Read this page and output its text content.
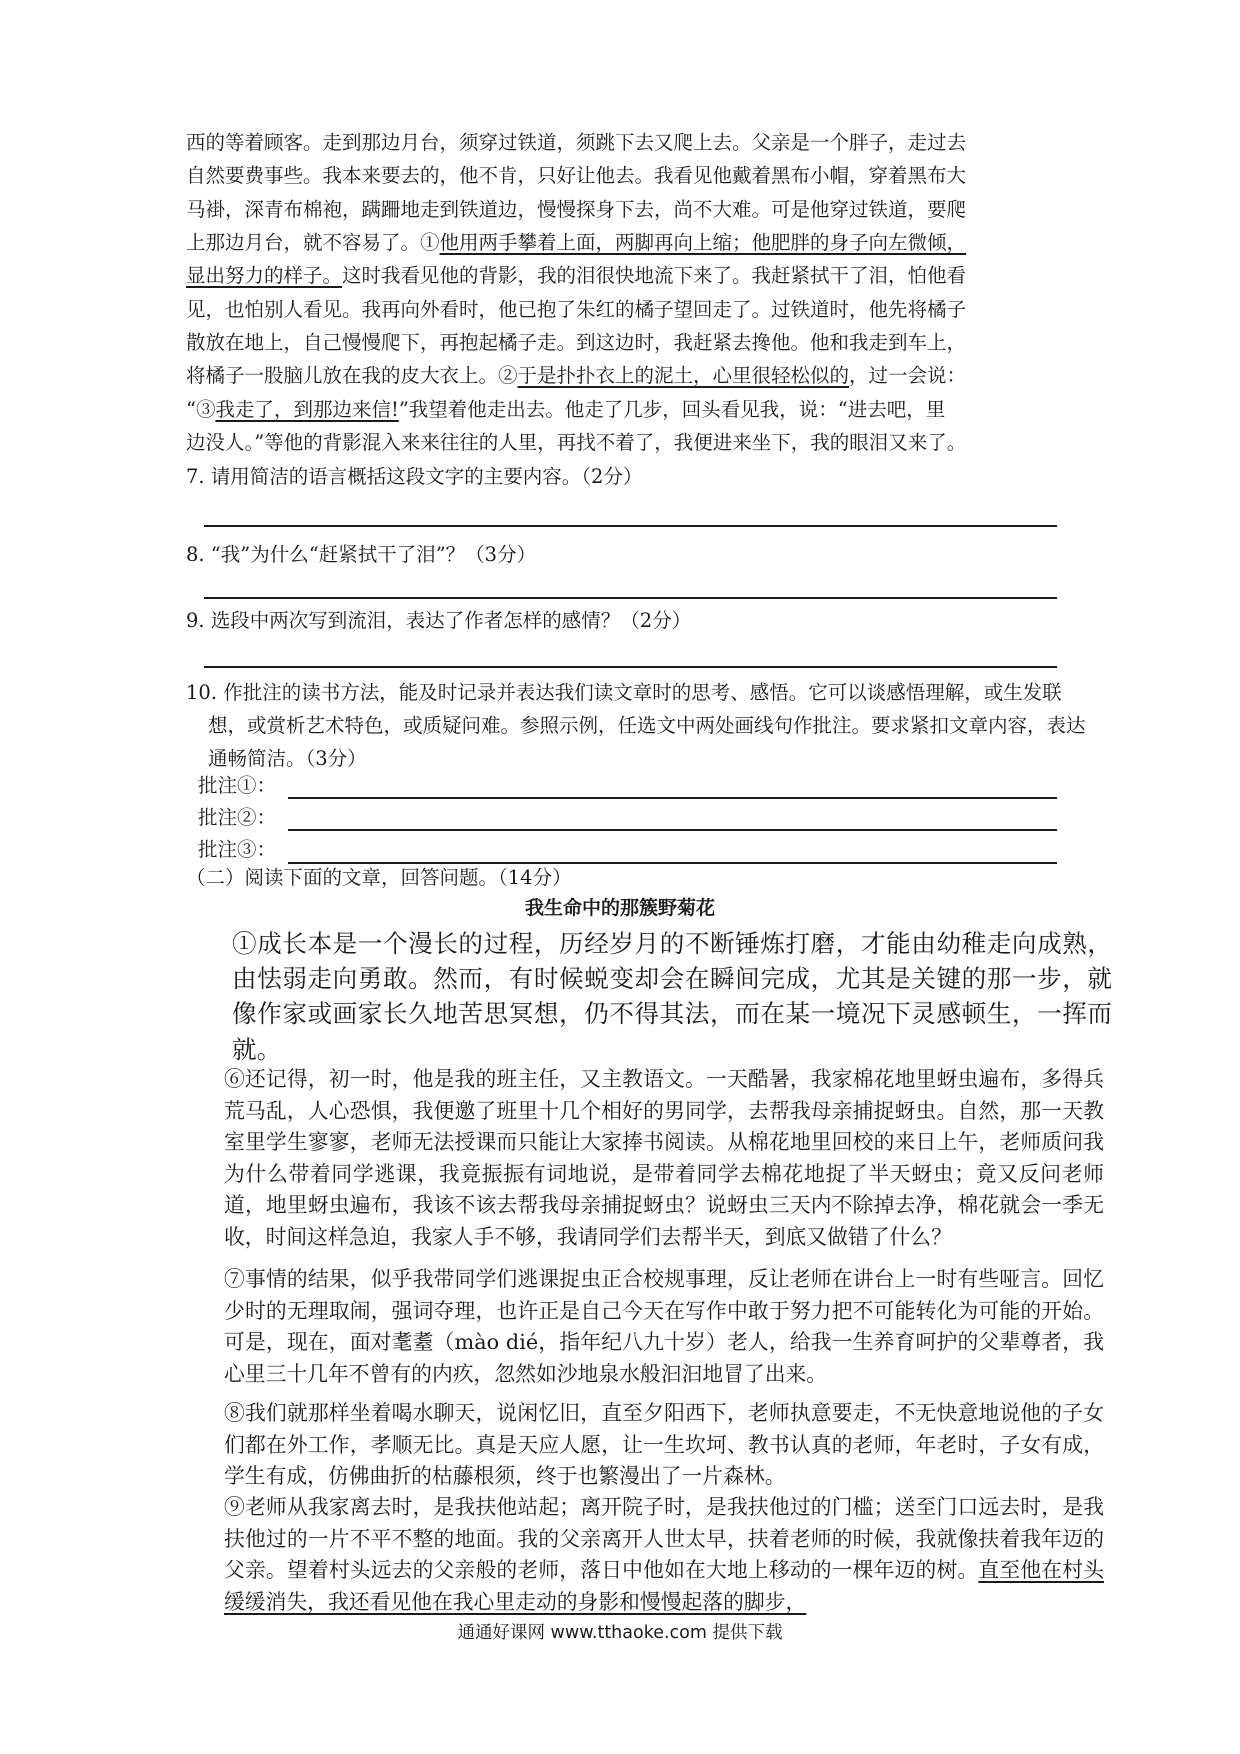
西的等着顾客。走到那边月台，须穿过铁道，须跳下去又爬上去。父亲是一个胖子，走过去
自然要费事些。我本来要去的，他不肯，只好让他去。我看见他戴着黑布小帽，穿着黑布大
马褂，深青布棉袍，蹒跚地走到铁道边，慢慢探身下去，尚不大难。可是他穿过铁道，要爬
上那边月台，就不容易了。①他用两手攀着上面，两脚再向上缩；他肥胖的身子向左微倾，
显出努力的样子。这时我看见他的背影，我的泪很快地流下来了。我赶紧拭干了泪，怕他看
见，也怕别人看见。我再向外看时，他已抱了朱红的橘子望回走了。过铁道时，他先将橘子
散放在地上，自己慢慢爬下，再抱起橘子走。到这边时，我赶紧去搀他。他和我走到车上，
将橘子一股脑儿放在我的皮大衣上。②于是扑扑衣上的泥土，心里很轻松似的，过一会说：
“③我走了，到那边来信!”我望着他走出去。他走了几步，回头看见我，说：“进去吧，里
边没人。”等他的背影混入来来往往的人里，再找不着了，我便进来坐下，我的眼泪又来了。
7. 请用简洁的语言概括这段文字的主要内容。（2分）
8. “我”为什么“赶紧拭干了泪”？（3分）
9. 选段中两次写到流泪，表达了作者怎样的感情？（2分）
10. 作批注的读书方法，能及时记录并表达我们读文章时的思考、感悟。它可以谈感悟理解，或生发联想，或赏析艺术特色，或质疑问难。参照示例，任选文中两处画线句作批注。要求紧扣文章内容，表达通畅简洁。（3分）
批注①：
批注②：
批注③：
（二）阅读下面的文章，回答问题。（14分）
我生命中的那簇野菊花
①成长本是一个漫长的过程，历经岁月的不断锤炼打磨，才能由幼稚走向成熟，由怯弱走向勇敢。然而，有时候蜕变却会在瞬间完成，尤其是关键的那一步，就像作家或画家长久地苦思冥想，仍不得其法，而在某一境况下灵感顿生，一挥而就。
⑥还记得，初一时，他是我的班主任，又主教语文。一天酷暑，我家棉花地里蚜虫遍布，多得兵荒马乱，人心恐惧，我便邀了班里十几个相好的男同学，去帮我母亲捕捉蚜虫。自然，那一天教室里学生寥寥，老师无法授课而只能让大家捧书阅读。从棉花地里回校的来日上午，老师质问我为什么带着同学逃课，我竟振振有词地说，是带着同学去棉花地捉了半天蚜虫；竟又反问老师道，地里蚜虫遍布，我该不该去帮我母亲捕捉蚜虫？说蚜虫三天内不除掉去净，棉花就会一季无收，时间这样急迫，我家人手不够，我请同学们去帮半天，到底又做错了什么？
⑦事情的结果，似乎我带同学们逃课捉虫正合校规事理，反让老师在讲台上一时有些哑言。回忆少时的无理取闹，强词夺理，也许正是自己今天在写作中敢于努力把不可能转化为可能的开始。可是，现在，面对耄耋（mào dié，指年纪八九十岁）老人，给我一生养育呵护的父辈尊者，我心里三十几年不曾有的内疚，忽然如沙地泉水般汩汩地冒了出来。
⑧我们就那样坐着喝水聊天，说闲忆旧，直至夕阳西下，老师执意要走，不无快意地说他的子女们都在外工作，孝顺无比。真是天应人愿，让一生坎坷、教书认真的老师，年老时，子女有成，学生有成，仿佛曲折的枯藤根须，终于也繁漫出了一片森林。
⑨老师从我家离去时，是我扶他站起；离开院子时，是我扶他过的门槛；送至门口远去时，是我扶他过的一片不平不整的地面。我的父亲离开人世太早，扶着老师的时候，我就像扶着我年迈的父亲。望着村头远去的父亲般的老师，落日中他如在大地上移动的一棵年迈的树。直至他在村头缓缓消失，我还看见他在我心里走动的身影和慢慢起落的脚步，
通通好课网 www.tthaoke.com 提供下载
